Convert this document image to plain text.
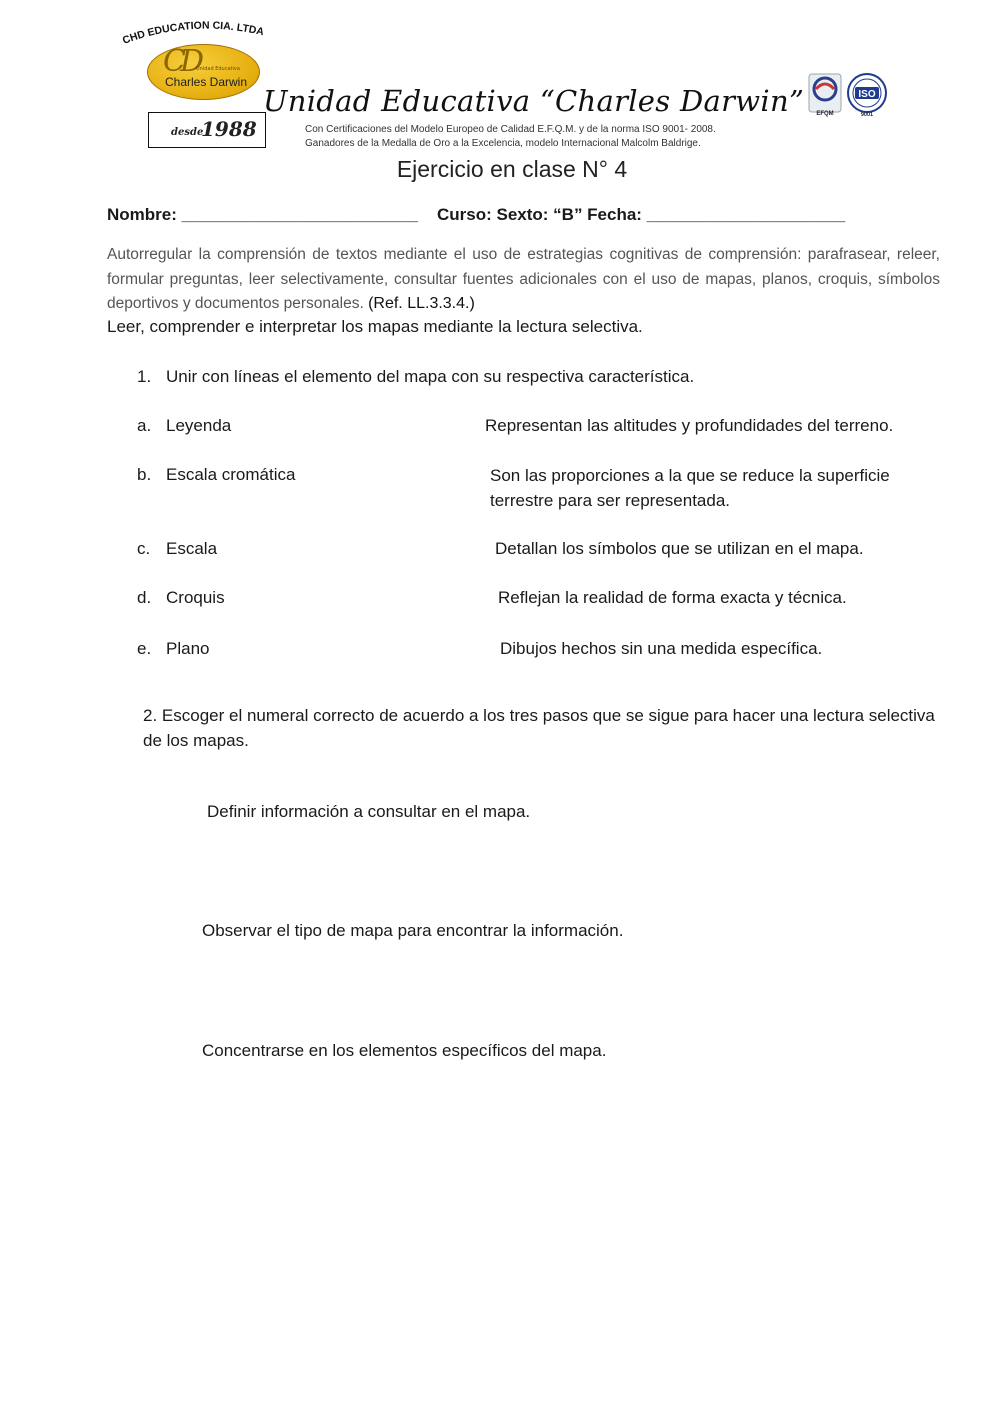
CHD EDUCATION CIA. LTDA
CD
Unidad Educativa
Charles Darwin
desde
1988
Unidad Educativa “Charles Darwin”
Con Certificaciones del Modelo Europeo de Calidad E.F.Q.M. y de la norma ISO 9001- 2008.
Ganadores de la Medalla de Oro a la Excelencia, modelo Internacional Malcolm Baldrige.
EFQM
ISO
9001
Ejercicio en clase N° 4
Nombre: _________________________ Curso: Sexto: “B” Fecha: _____________________
Autorregular la comprensión de textos mediante el uso de estrategias cognitivas de comprensión: parafrasear, releer, formular preguntas, leer selectivamente, consultar fuentes adicionales con el uso de mapas, planos, croquis, símbolos deportivos y documentos personales. (Ref. LL.3.3.4.)
Leer, comprender e interpretar los mapas mediante la lectura selectiva.
1. Unir con líneas el elemento del mapa con su respectiva característica.
a. Leyenda
b. Escala cromática
c. Escala
d. Croquis
e. Plano
Representan las altitudes y profundidades del terreno.
Son las proporciones a la que se reduce la superficie terrestre para ser representada.
Detallan los símbolos que se utilizan en el mapa.
Reflejan la realidad de forma exacta y técnica.
Dibujos hechos sin una medida específica.
2. Escoger el numeral correcto de acuerdo a los tres pasos que se sigue para hacer una lectura selectiva de los mapas.
Definir información a consultar en el mapa.
Observar el tipo de mapa para encontrar la información.
Concentrarse en los elementos específicos del mapa.
